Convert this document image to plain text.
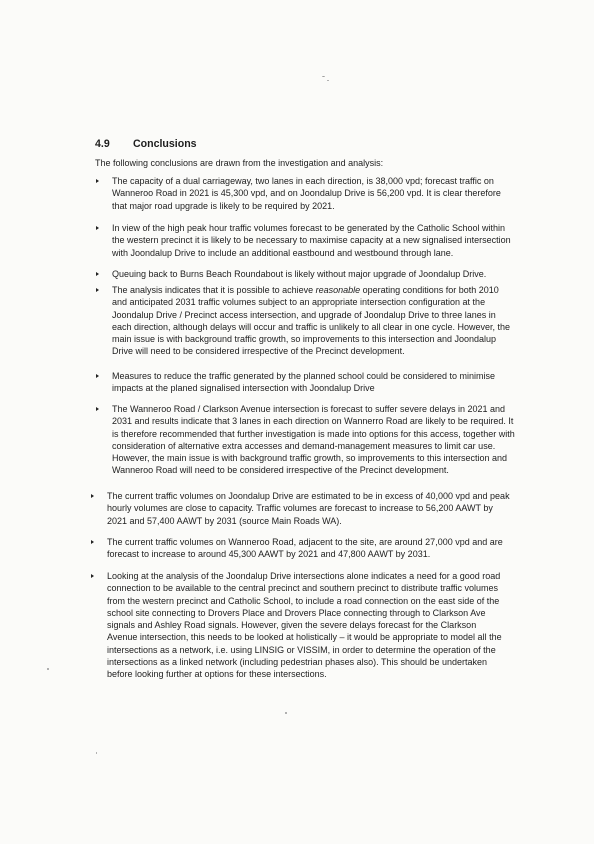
4.9 Conclusions
The following conclusions are drawn from the investigation and analysis:
The capacity of a dual carriageway, two lanes in each direction, is 38,000 vpd; forecast traffic on
Wanneroo Road in 2021 is 45,300 vpd, and on Joondalup Drive is 56,200 vpd. It is clear therefore
that major road upgrade is likely to be required by 2021.
In view of the high peak hour traffic volumes forecast to be generated by the Catholic School within
the western precinct it is likely to be necessary to maximise capacity at a new signalised intersection
with Joondalup Drive to include an additional eastbound and westbound through lane.
Queuing back to Burns Beach Roundabout is likely without major upgrade of Joondalup Drive.
The analysis indicates that it is possible to achieve reasonable operating conditions for both 2010
and anticipated 2031 traffic volumes subject to an appropriate intersection configuration at the
Joondalup Drive / Precinct access intersection, and upgrade of Joondalup Drive to three lanes in
each direction, although delays will occur and traffic is unlikely to all clear in one cycle. However, the
main issue is with background traffic growth, so improvements to this intersection and Joondalup
Drive will need to be considered irrespective of the Precinct development.
Measures to reduce the traffic generated by the planned school could be considered to minimise
impacts at the planed signalised intersection with Joondalup Drive
The Wanneroo Road / Clarkson Avenue intersection is forecast to suffer severe delays in 2021 and
2031 and results indicate that 3 lanes in each direction on Wannerro Road are likely to be required. It
is therefore recommended that further investigation is made into options for this access, together with
consideration of alternative extra accesses and demand-management measures to limit car use.
However, the main issue is with background traffic growth, so improvements to this intersection and
Wanneroo Road will need to be considered irrespective of the Precinct development.
The current traffic volumes on Joondalup Drive are estimated to be in excess of 40,000 vpd and peak
hourly volumes are close to capacity. Traffic volumes are forecast to increase to 56,200 AAWT by
2021 and 57,400 AAWT by 2031 (source Main Roads WA).
The current traffic volumes on Wanneroo Road, adjacent to the site, are around 27,000 vpd and are
forecast to increase to around 45,300 AAWT by 2021 and 47,800 AAWT by 2031.
Looking at the analysis of the Joondalup Drive intersections alone indicates a need for a good road
connection to be available to the central precinct and southern precinct to distribute traffic volumes
from the western precinct and Catholic School, to include a road connection on the east side of the
school site connecting to Drovers Place and Drovers Place connecting through to Clarkson Ave
signals and Ashley Road signals. However, given the severe delays forecast for the Clarkson
Avenue intersection, this needs to be looked at holistically – it would be appropriate to model all the
intersections as a network, i.e. using LINSIG or VISSIM, in order to determine the operation of the
intersections as a linked network (including pedestrian phases also). This should be undertaken
before looking further at options for these intersections.
